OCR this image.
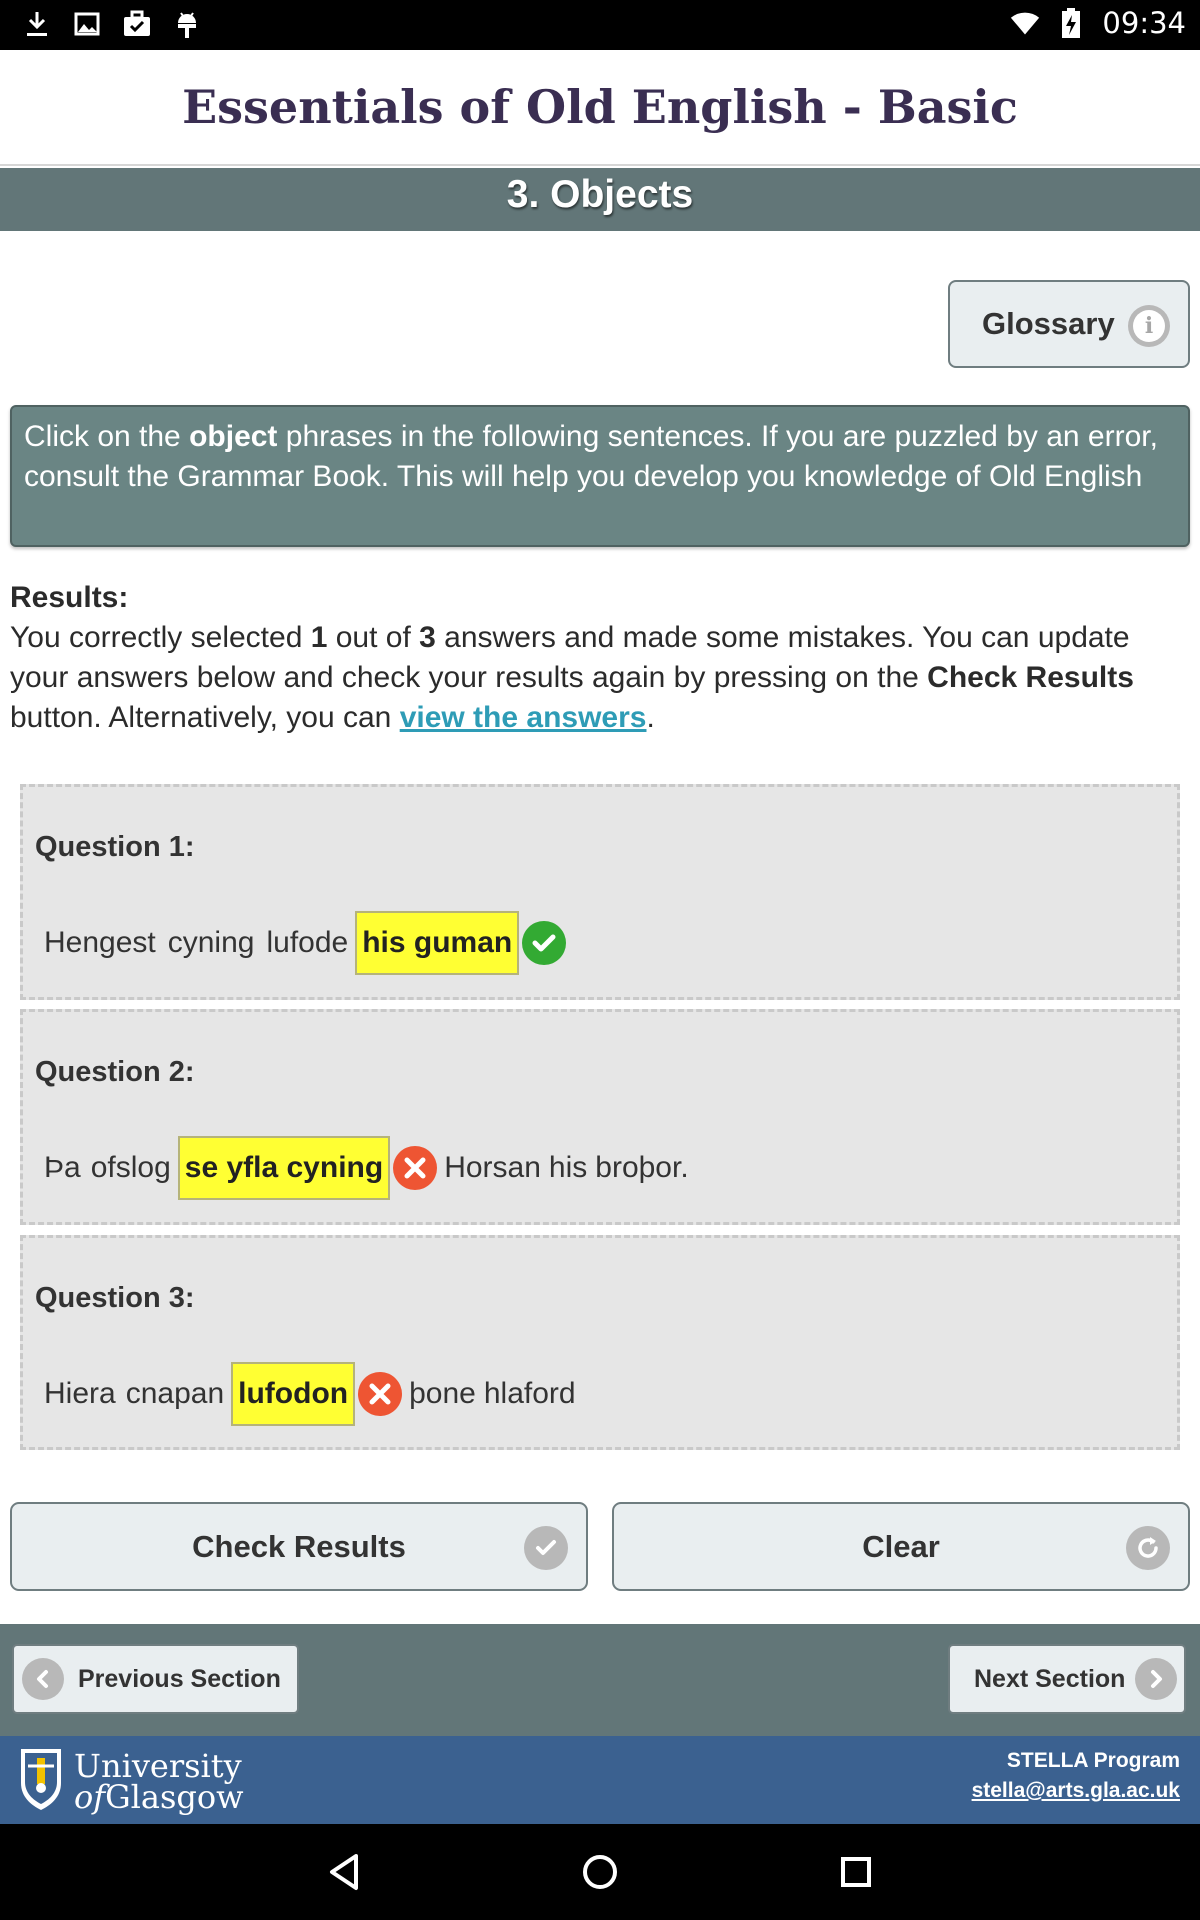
09:34
Essentials of Old English - Basic
3. Objects
Glossary	i
Click on the object phrases in the following sentences. If you are puzzled by an error, consult the Grammar Book. This will help you develop you knowledge of Old English
Results:
You correctly selected 1 out of 3 answers and made some mistakes. You can update your answers below and check your results again by pressing on the Check Results button. Alternatively, you can view the answers.
Question 1:
Hengest cyning lufode his guman
Question 2:
Þa ofslog se yfla cyning Horsan his broþor.
Question 3:
Hiera cnapan lufodon þone hlaford
Check Results	Clear
Previous Section	Next Section
University
ofGlasgow
STELLA Program
stella@arts.gla.ac.uk
